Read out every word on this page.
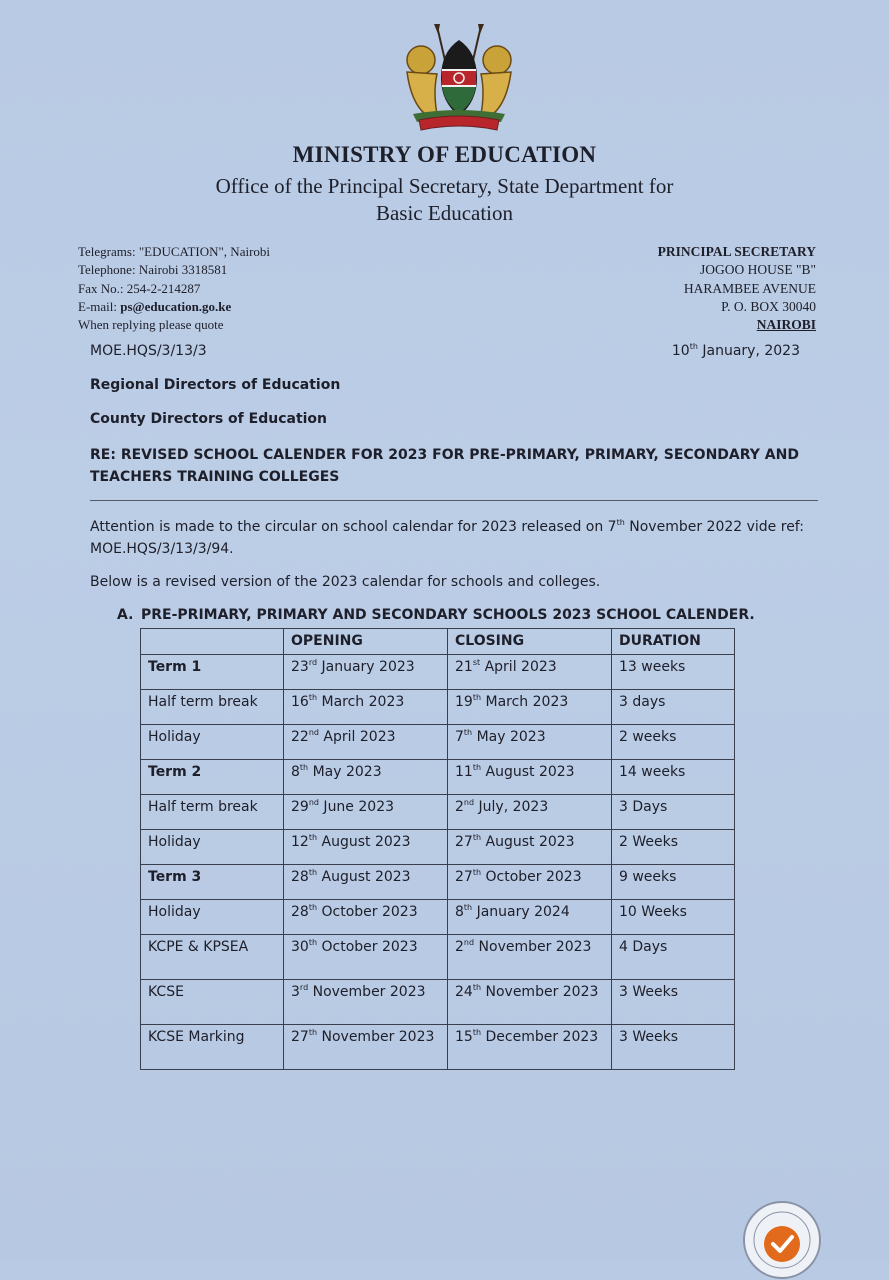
MINISTRY OF EDUCATION
Office of the Principal Secretary, State Department for
Basic Education
Telegrams: "EDUCATION", Nairobi
Telephone: Nairobi 3318581
Fax No.: 254-2-214287
E-mail: ps@education.go.ke
When replying please quote
PRINCIPAL SECRETARY
JOGOO HOUSE "B"
HARAMBEE AVENUE
P. O. BOX 30040
NAIROBI
MOE.HQS/3/13/3	10th January, 2023
Regional Directors of Education
County Directors of Education
RE: REVISED SCHOOL CALENDER FOR 2023 FOR PRE-PRIMARY, PRIMARY, SECONDARY AND TEACHERS TRAINING COLLEGES
Attention is made to the circular on school calendar for 2023 released on 7th November 2022 vide ref: MOE.HQS/3/13/3/94.
Below is a revised version of the 2023 calendar for schools and colleges.
A. PRE-PRIMARY, PRIMARY AND SECONDARY SCHOOLS 2023 SCHOOL CALENDER.
	OPENING	CLOSING	DURATION
Term 1	23rd January 2023	21st April 2023	13 weeks
Half term break	16th March 2023	19th March 2023	3 days
Holiday	22nd April 2023	7th May 2023	2 weeks
Term 2	8th May 2023	11th August 2023	14 weeks
Half term break	29nd June 2023	2nd July, 2023	3 Days
Holiday	12th August 2023	27th August 2023	2 Weeks
Term 3	28th August 2023	27th October 2023	9 weeks
Holiday	28th October 2023	8th January 2024	10 Weeks
KCPE & KPSEA	30th October 2023	2nd November 2023	4 Days
KCSE	3rd November 2023	24th November 2023	3 Weeks
KCSE Marking	27th November 2023	15th December 2023	3 Weeks
